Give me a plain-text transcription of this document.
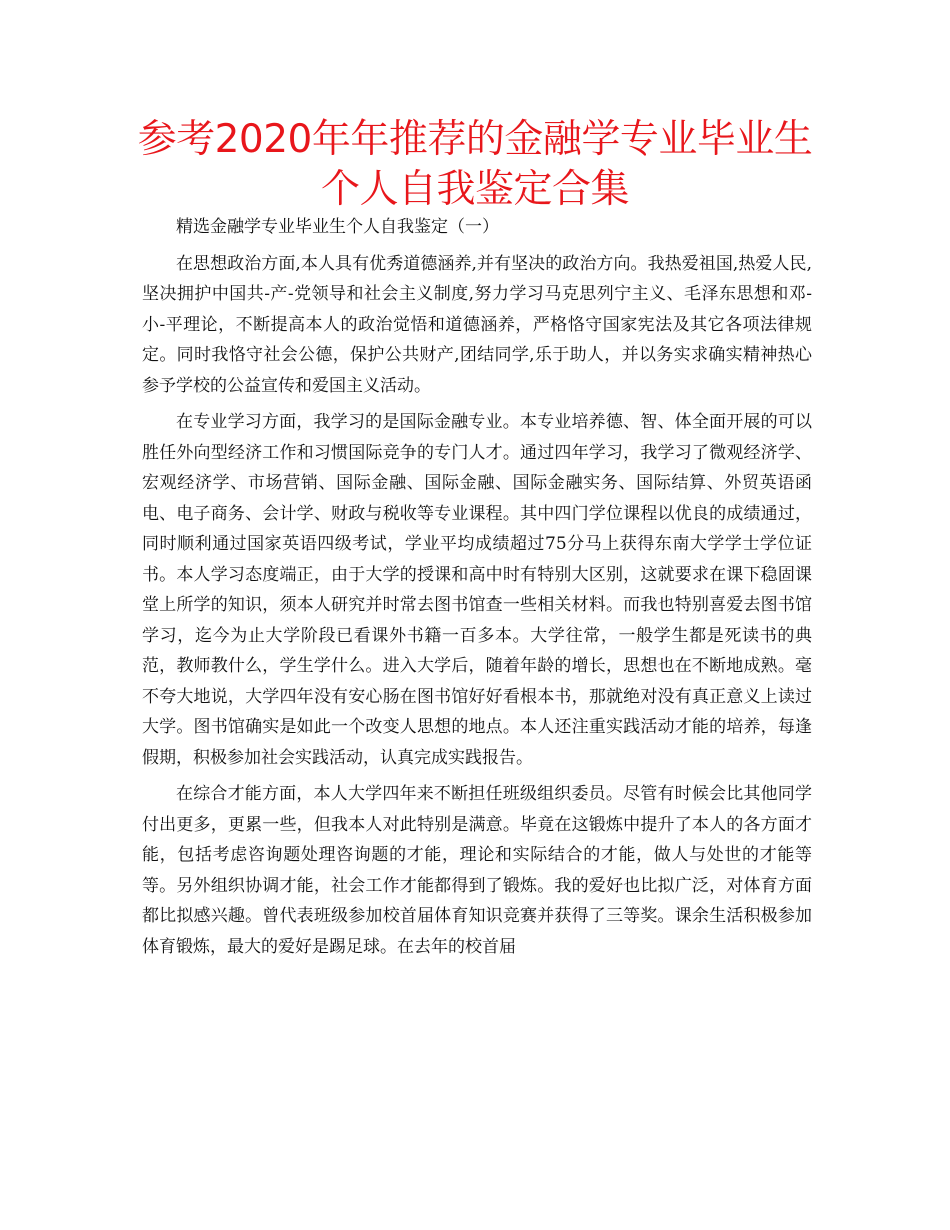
参考2020年年推荐的金融学专业毕业生个人自我鉴定合集

精选金融学专业毕业生个人自我鉴定（一）

在思想政治方面,本人具有优秀道德涵养,并有坚决的政治方向。我热爱祖国,热爱人民,坚决拥护中国共-产-党领导和社会主义制度,努力学习马克思列宁主义、毛泽东思想和邓-小-平理论，不断提高本人的政治觉悟和道德涵养，严格恪守国家宪法及其它各项法律规定。同时我恪守社会公德，保护公共财产,团结同学,乐于助人，并以务实求确实精神热心参予学校的公益宣传和爱国主义活动。

在专业学习方面，我学习的是国际金融专业。本专业培养德、智、体全面开展的可以胜任外向型经济工作和习惯国际竞争的专门人才。通过四年学习，我学习了微观经济学、宏观经济学、市场营销、国际金融、国际金融、国际金融实务、国际结算、外贸英语函电、电子商务、会计学、财政与税收等专业课程。其中四门学位课程以优良的成绩通过，同时顺利通过国家英语四级考试，学业平均成绩超过75分马上获得东南大学学士学位证书。本人学习态度端正，由于大学的授课和高中时有特别大区别，这就要求在课下稳固课堂上所学的知识，须本人研究并时常去图书馆查一些相关材料。而我也特别喜爱去图书馆学习，迄今为止大学阶段已看课外书籍一百多本。大学往常，一般学生都是死读书的典范，教师教什么，学生学什么。进入大学后，随着年龄的增长，思想也在不断地成熟。毫不夸大地说，大学四年没有安心肠在图书馆好好看根本书，那就绝对没有真正意义上读过大学。图书馆确实是如此一个改变人思想的地点。本人还注重实践活动才能的培养，每逢假期，积极参加社会实践活动，认真完成实践报告。

在综合才能方面，本人大学四年来不断担任班级组织委员。尽管有时候会比其他同学付出更多，更累一些，但我本人对此特别是满意。毕竟在这锻炼中提升了本人的各方面才能，包括考虑咨询题处理咨询题的才能，理论和实际结合的才能，做人与处世的才能等等。另外组织协调才能，社会工作才能都得到了锻炼。我的爱好也比拟广泛，对体育方面都比拟感兴趣。曾代表班级参加校首届体育知识竞赛并获得了三等奖。课余生活积极参加体育锻炼，最大的爱好是踢足球。在去年的校首届
